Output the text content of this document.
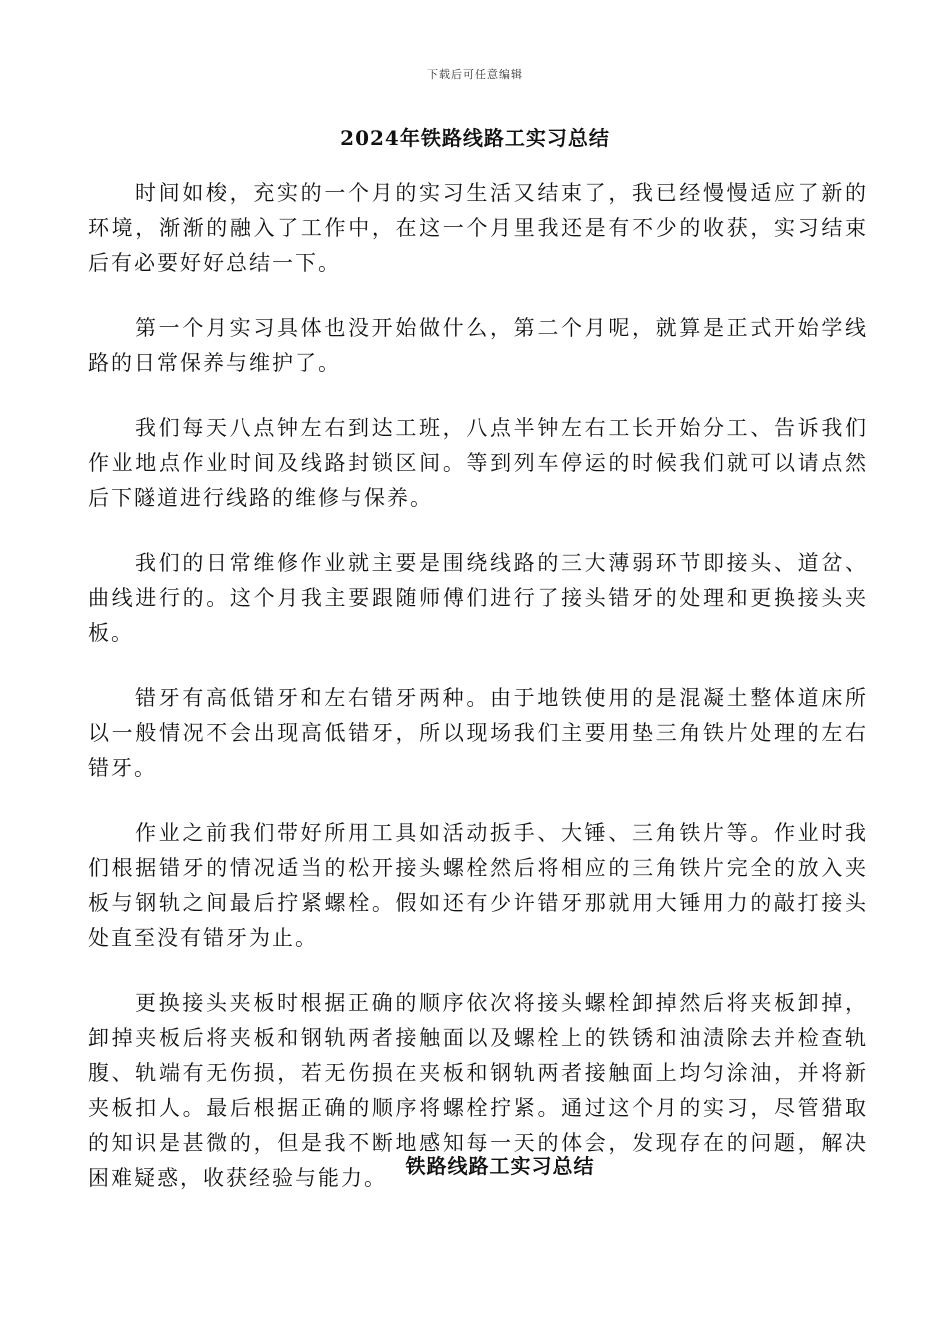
下载后可任意编辑
2024年铁路线路工实习总结

时间如梭，充实的一个月的实习生活又结束了，我已经慢慢适应了新的环境，渐渐的融入了工作中，在这一个月里我还是有不少的收获，实习结束后有必要好好总结一下。

第一个月实习具体也没开始做什么，第二个月呢，就算是正式开始学线路的日常保养与维护了。

我们每天八点钟左右到达工班，八点半钟左右工长开始分工、告诉我们作业地点作业时间及线路封锁区间。等到列车停运的时候我们就可以请点然后下隧道进行线路的维修与保养。

我们的日常维修作业就主要是围绕线路的三大薄弱环节即接头、道岔、曲线进行的。这个月我主要跟随师傅们进行了接头错牙的处理和更换接头夹板。

错牙有高低错牙和左右错牙两种。由于地铁使用的是混凝土整体道床所以一般情况不会出现高低错牙，所以现场我们主要用垫三角铁片处理的左右错牙。

作业之前我们带好所用工具如活动扳手、大锤、三角铁片等。作业时我们根据错牙的情况适当的松开接头螺栓然后将相应的三角铁片完全的放入夹板与钢轨之间最后拧紧螺栓。假如还有少许错牙那就用大锤用力的敲打接头处直至没有错牙为止。

更换接头夹板时根据正确的顺序依次将接头螺栓卸掉然后将夹板卸掉，卸掉夹板后将夹板和钢轨两者接触面以及螺栓上的铁锈和油渍除去并检查轨腹、轨端有无伤损，若无伤损在夹板和钢轨两者接触面上均匀涂油，并将新夹板扣人。最后根据正确的顺序将螺栓拧紧。通过这个月的实习，尽管猎取的知识是甚微的，但是我不断地感知每一天的体会，发现存在的问题，解决困难疑惑，收获经验与能力。 铁路线路工实习总结
